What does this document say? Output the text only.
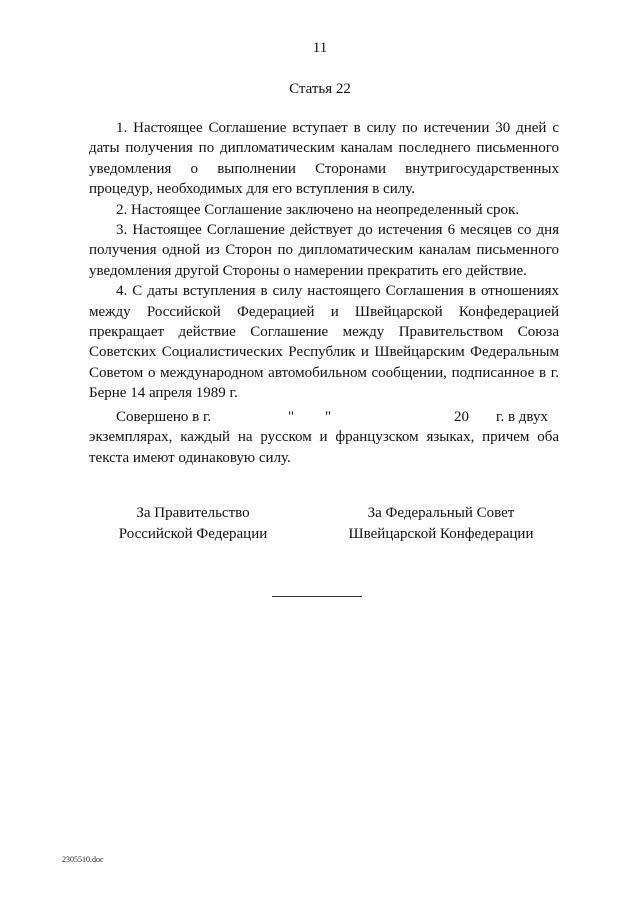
11
Статья 22

1. Настоящее Соглашение вступает в силу по истечении 30 дней с даты получения по дипломатическим каналам последнего письменного уведомления о выполнении Сторонами внутригосударственных процедур, необходимых для его вступления в силу.

2. Настоящее Соглашение заключено на неопределенный срок.

3. Настоящее Соглашение действует до истечения 6 месяцев со дня получения одной из Сторон по дипломатическим каналам письменного уведомления другой Стороны о намерении прекратить его действие.

4. С даты вступления в силу настоящего Соглашения в отношениях между Российской Федерацией и Швейцарской Конфедерацией прекращает действие Соглашение между Правительством Союза Советских Социалистических Республик и Швейцарским Федеральным Советом о международном автомобильном сообщении, подписанное в г. Берне 14 апреля 1989 г.

Совершено в г.	" "	20 г. в двух

экземплярах, каждый на русском и французском языках, причем оба текста имеют одинаковую силу.

За Правительство
Российской Федерации
За Федеральный Совет
Швейцарской Конфедерации
2305510.doc
